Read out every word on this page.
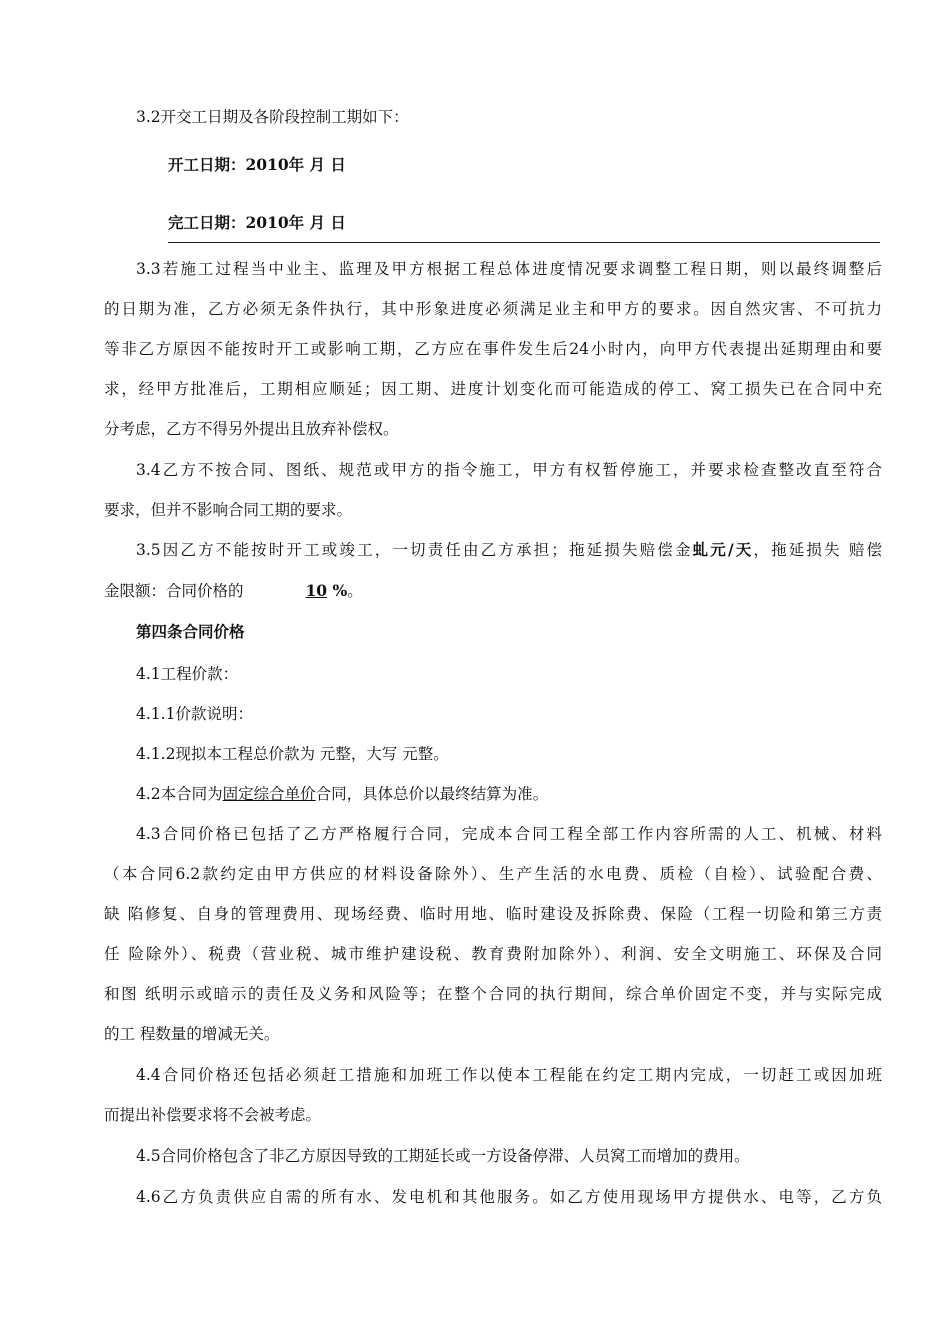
3.2开交工日期及各阶段控制工期如下：
开工日期：2010年 月 日
完工日期：2010年 月 日
3.3若施工过程当中业主、监理及甲方根据工程总体进度情况要求调整工程日期，则以最终调整后
的日期为准，乙方必须无条件执行，其中形象进度必须满足业主和甲方的要求。因自然灾害、不可抗力
等非乙方原因不能按时开工或影响工期，乙方应在事件发生后24小时内，向甲方代表提出延期理由和要
求，经甲方批准后，工期相应顺延；因工期、进度计划变化而可能造成的停工、窝工损失已在合同中充
分考虑，乙方不得另外提出且放弃补偿权。
3.4乙方不按合同、图纸、规范或甲方的指令施工，甲方有权暂停施工，并要求检查整改直至符合
要求，但并不影响合同工期的要求。
3.5因乙方不能按时开工或竣工，一切责任由乙方承担；拖延损失赔偿金虬元/天，拖延损失 赔偿
金限额：合同价格的	10 %。
第四条合同价格
4.1工程价款：
4.1.1价款说明：
4.1.2现拟本工程总价款为 元整，大写 元整。
4.2本合同为固定综合单价合同，具体总价以最终结算为准。
4.3合同价格已包括了乙方严格履行合同，完成本合同工程全部工作内容所需的人工、机械、材料
（本合同6.2款约定由甲方供应的材料设备除外）、生产生活的水电费、质检（自检）、试验配合费、
缺 陷修复、自身的管理费用、现场经费、临时用地、临时建设及拆除费、保险（工程一切险和第三方责
任 险除外）、税费（营业税、城市维护建设税、教育费附加除外）、利润、安全文明施工、环保及合同
和图 纸明示或暗示的责任及义务和风险等；在整个合同的执行期间，综合单价固定不变，并与实际完成
的工 程数量的增减无关。
4.4合同价格还包括必须赶工措施和加班工作以使本工程能在约定工期内完成，一切赶工或因加班
而提出补偿要求将不会被考虑。
4.5合同价格包含了非乙方原因导致的工期延长或一方设备停滞、人员窝工而增加的费用。
4.6乙方负责供应自需的所有水、发电机和其他服务。如乙方使用现场甲方提供水、电等，乙方负
